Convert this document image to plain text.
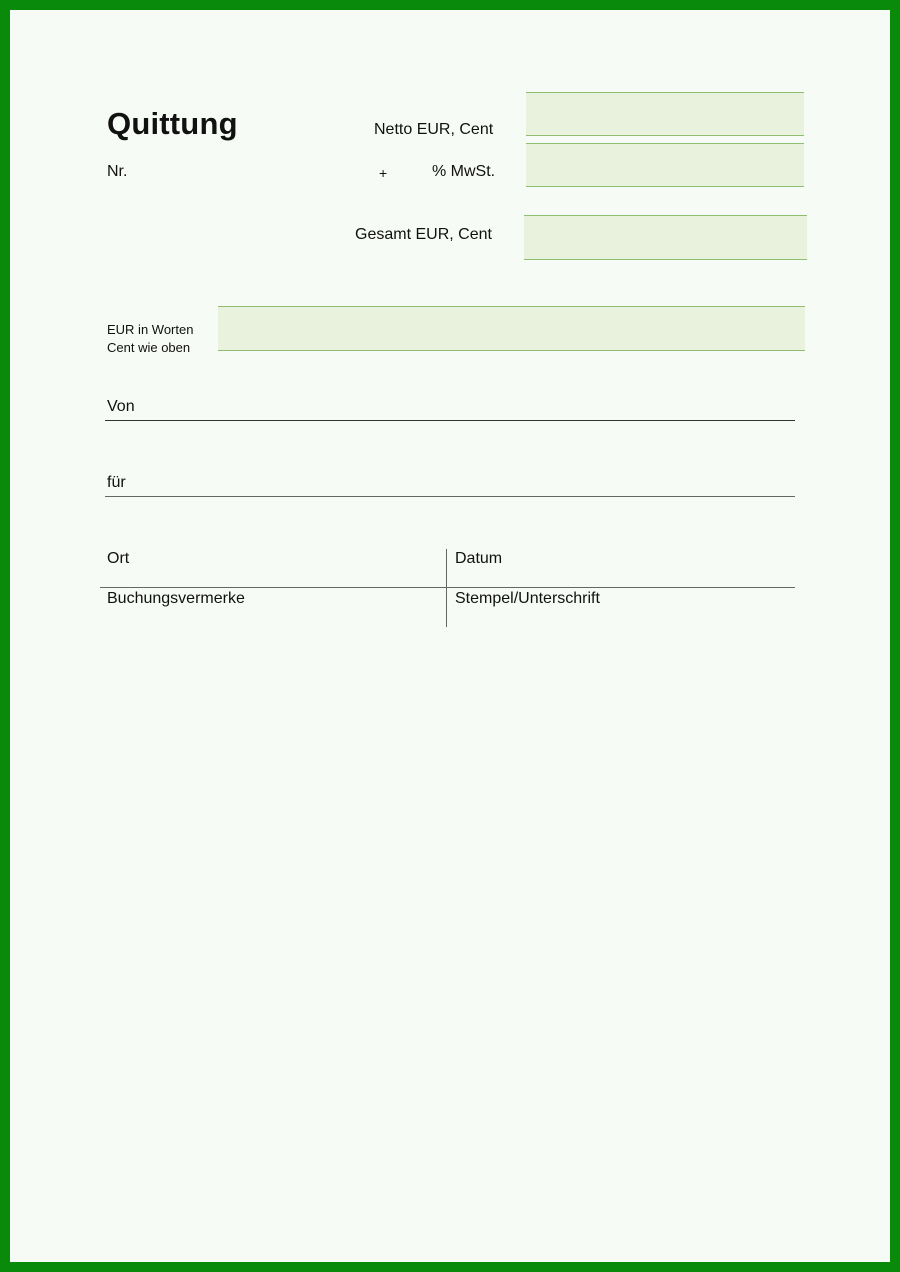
Quittung
Nr.
Netto EUR, Cent
+	% MwSt.
Gesamt EUR, Cent
EUR in Worten
Cent wie oben
Von
für
Ort	Datum
Buchungsvermerke	Stempel/Unterschrift
